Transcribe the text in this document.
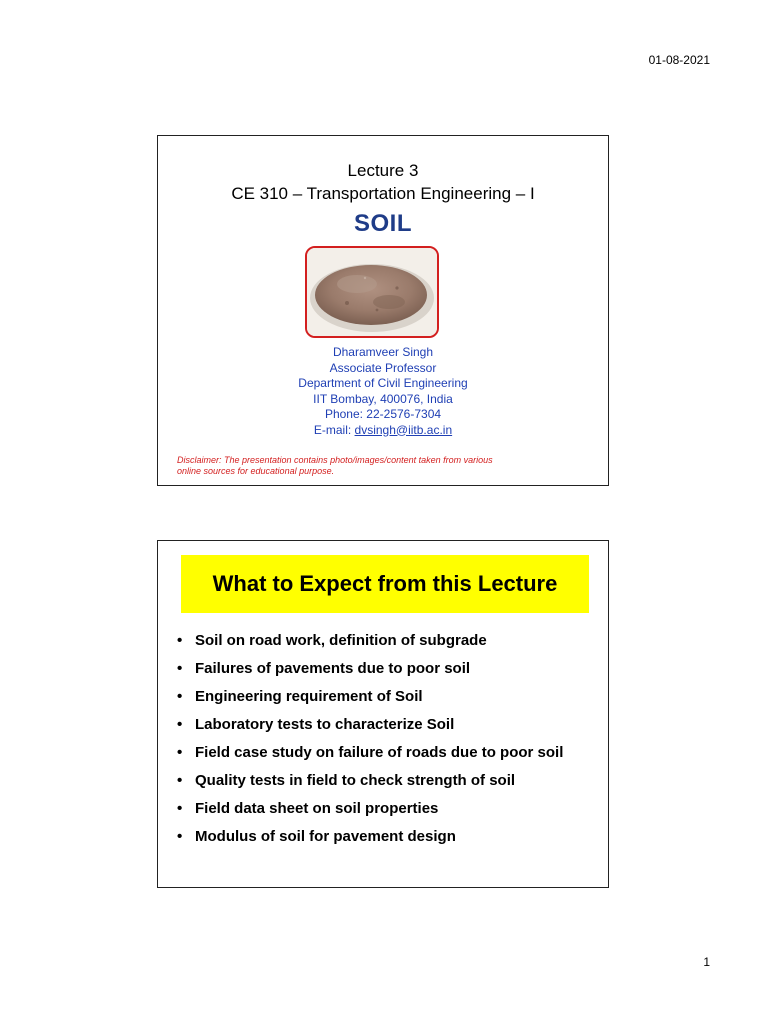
01-08-2021
Lecture 3
CE 310 – Transportation Engineering – I
SOIL
Dharamveer Singh
Associate Professor
Department of Civil Engineering
IIT Bombay, 400076, India
Phone: 22-2576-7304
E-mail: dvsingh@iitb.ac.in
Disclaimer: The presentation contains photo/images/content taken from various
online sources for educational purpose.
What to Expect from this Lecture
• Soil on road work, definition of subgrade
• Failures of pavements due to poor soil
• Engineering requirement of Soil
• Laboratory tests to characterize Soil
• Field case study on failure of roads due to poor soil
• Quality tests in field to check strength of soil
• Field data sheet on soil properties
• Modulus of soil for pavement design
1
